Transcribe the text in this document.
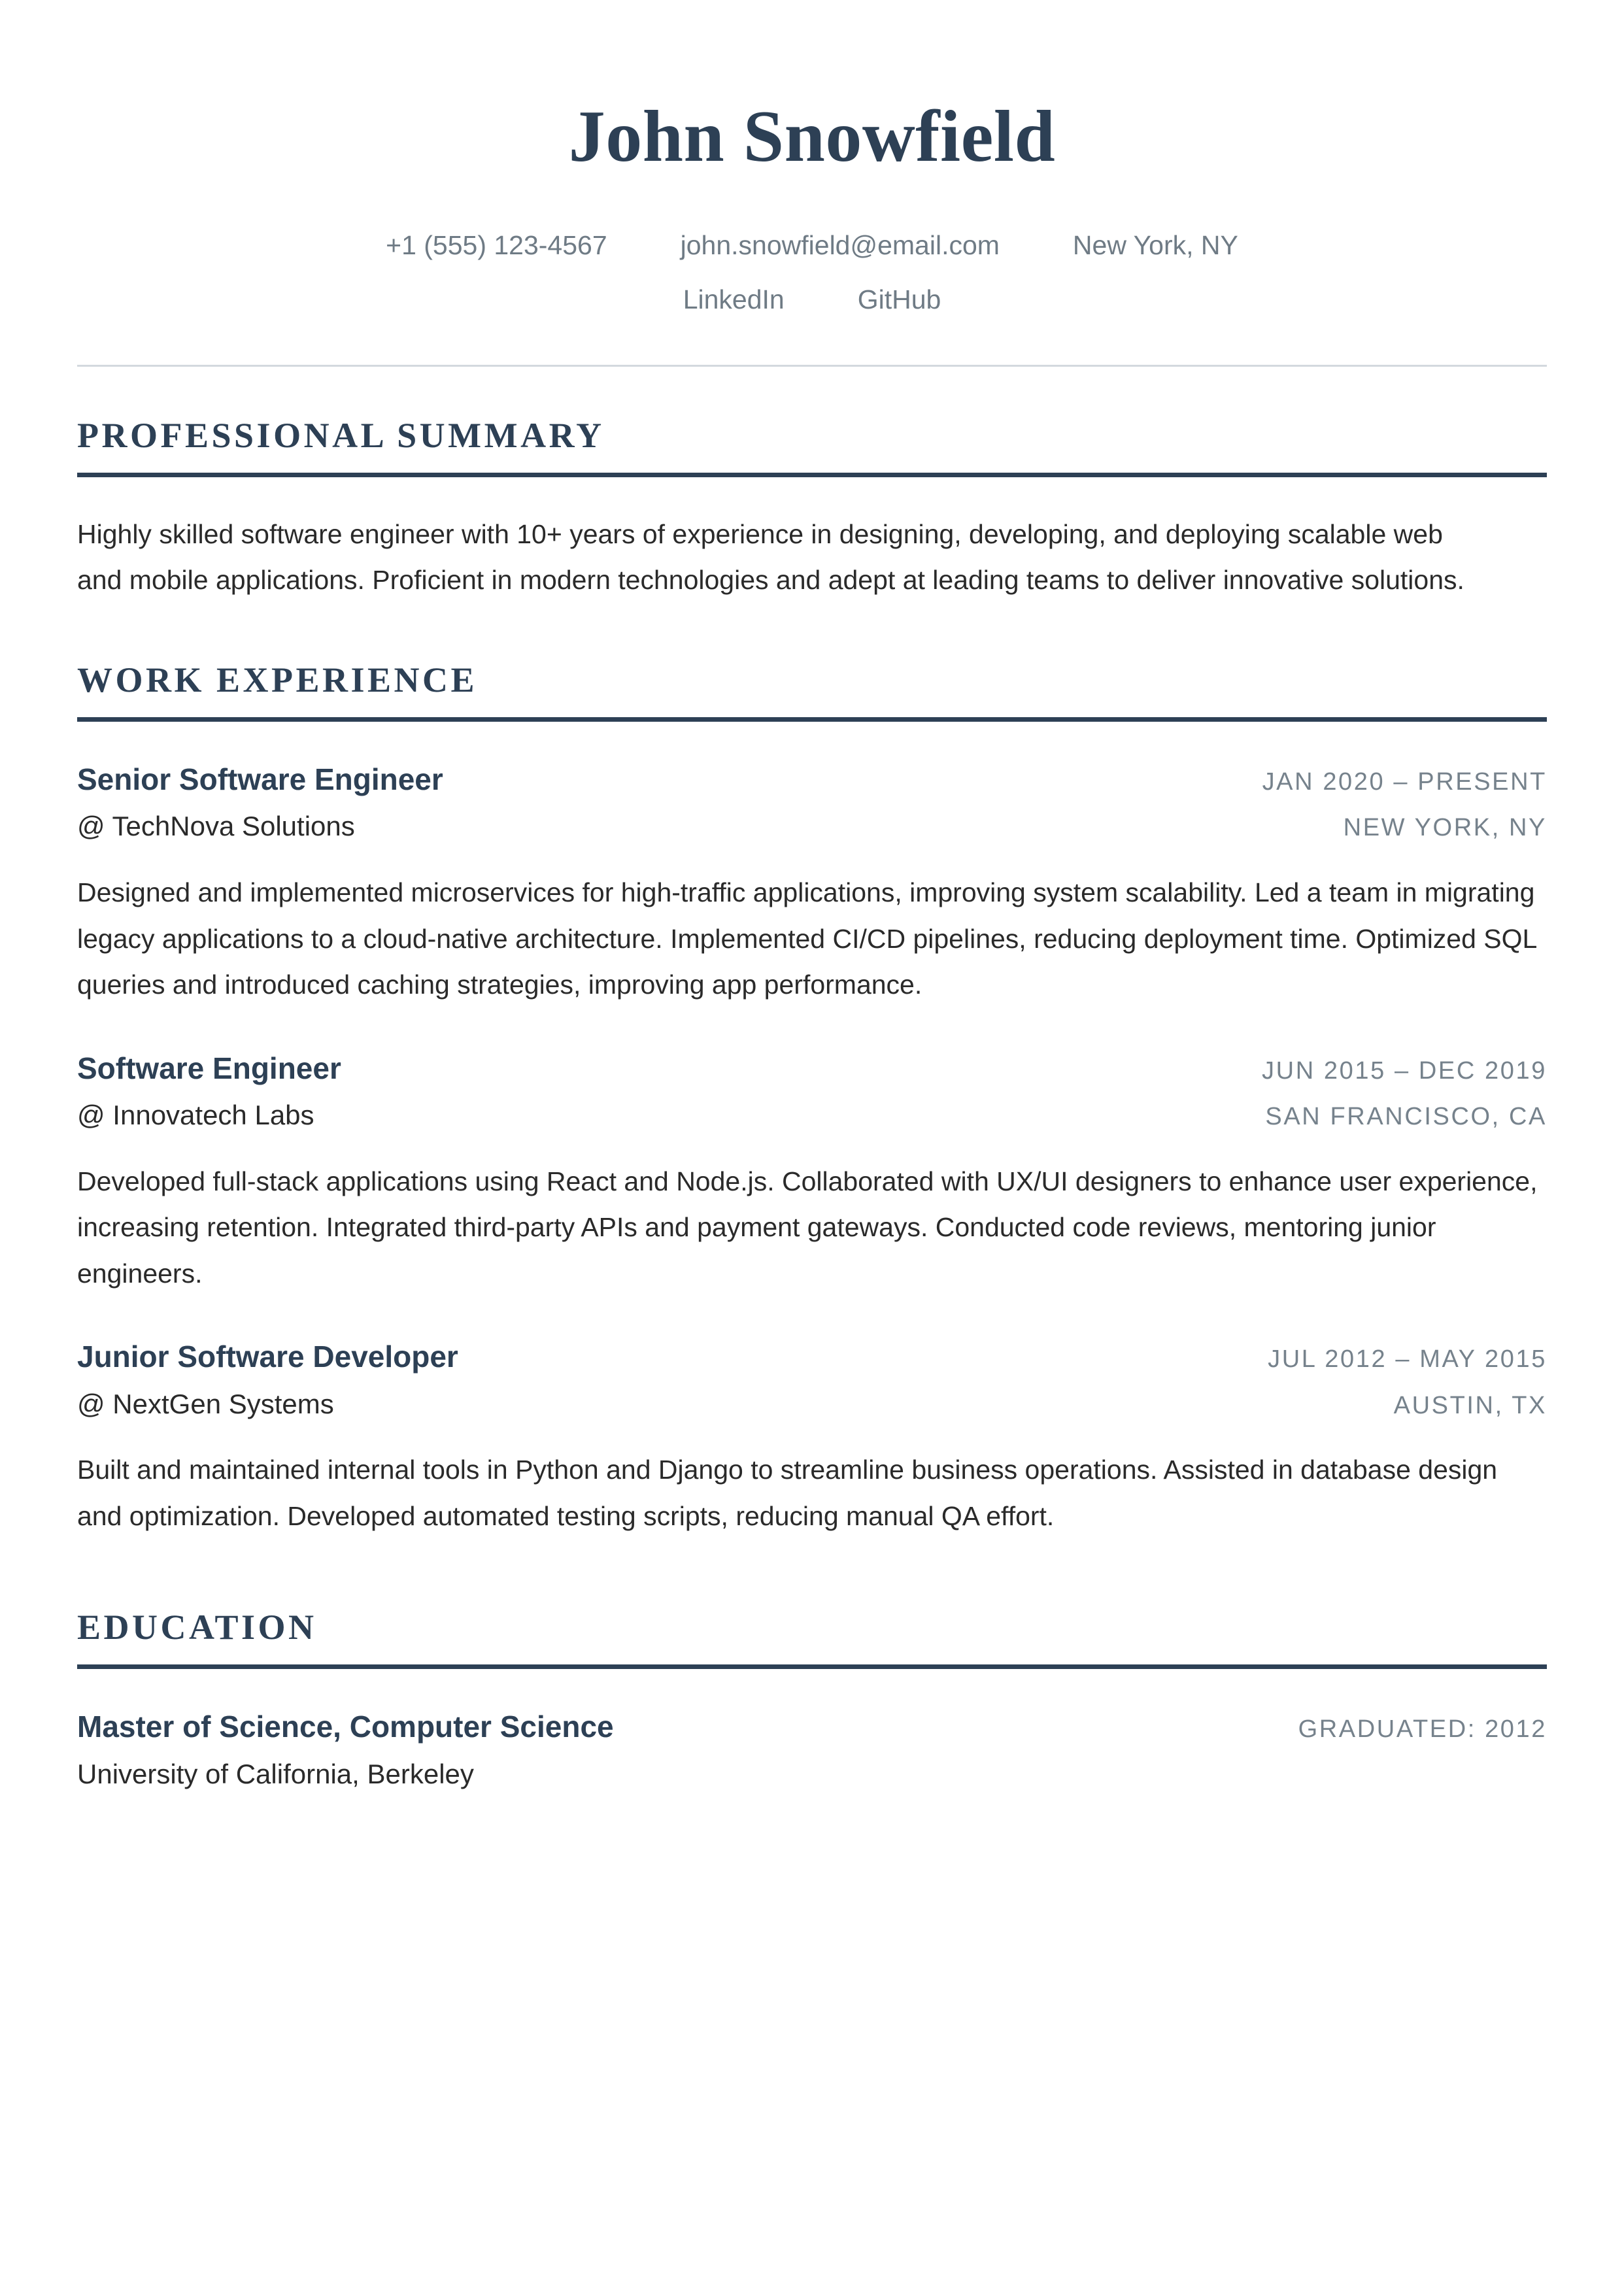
John Snowfield
+1 (555) 123-4567	john.snowfield@email.com	New York, NY
LinkedIn	GitHub
PROFESSIONAL SUMMARY

Highly skilled software engineer with 10+ years of experience in designing, developing, and deploying scalable web and mobile applications. Proficient in modern technologies and adept at leading teams to deliver innovative solutions.

WORK EXPERIENCE
Senior Software Engineer	JAN 2020 – PRESENT
@ TechNova Solutions	NEW YORK, NY

Designed and implemented microservices for high-traffic applications, improving system scalability. Led a team in migrating legacy applications to a cloud-native architecture. Implemented CI/CD pipelines, reducing deployment time. Optimized SQL queries and introduced caching strategies, improving app performance.

Software Engineer	JUN 2015 – DEC 2019
@ Innovatech Labs	SAN FRANCISCO, CA

Developed full-stack applications using React and Node.js. Collaborated with UX/UI designers to enhance user experience, increasing retention. Integrated third-party APIs and payment gateways. Conducted code reviews, mentoring junior engineers.

Junior Software Developer	JUL 2012 – MAY 2015
@ NextGen Systems	AUSTIN, TX

Built and maintained internal tools in Python and Django to streamline business operations. Assisted in database design and optimization. Developed automated testing scripts, reducing manual QA effort.

EDUCATION
Master of Science, Computer Science	GRADUATED: 2012
University of California, Berkeley
